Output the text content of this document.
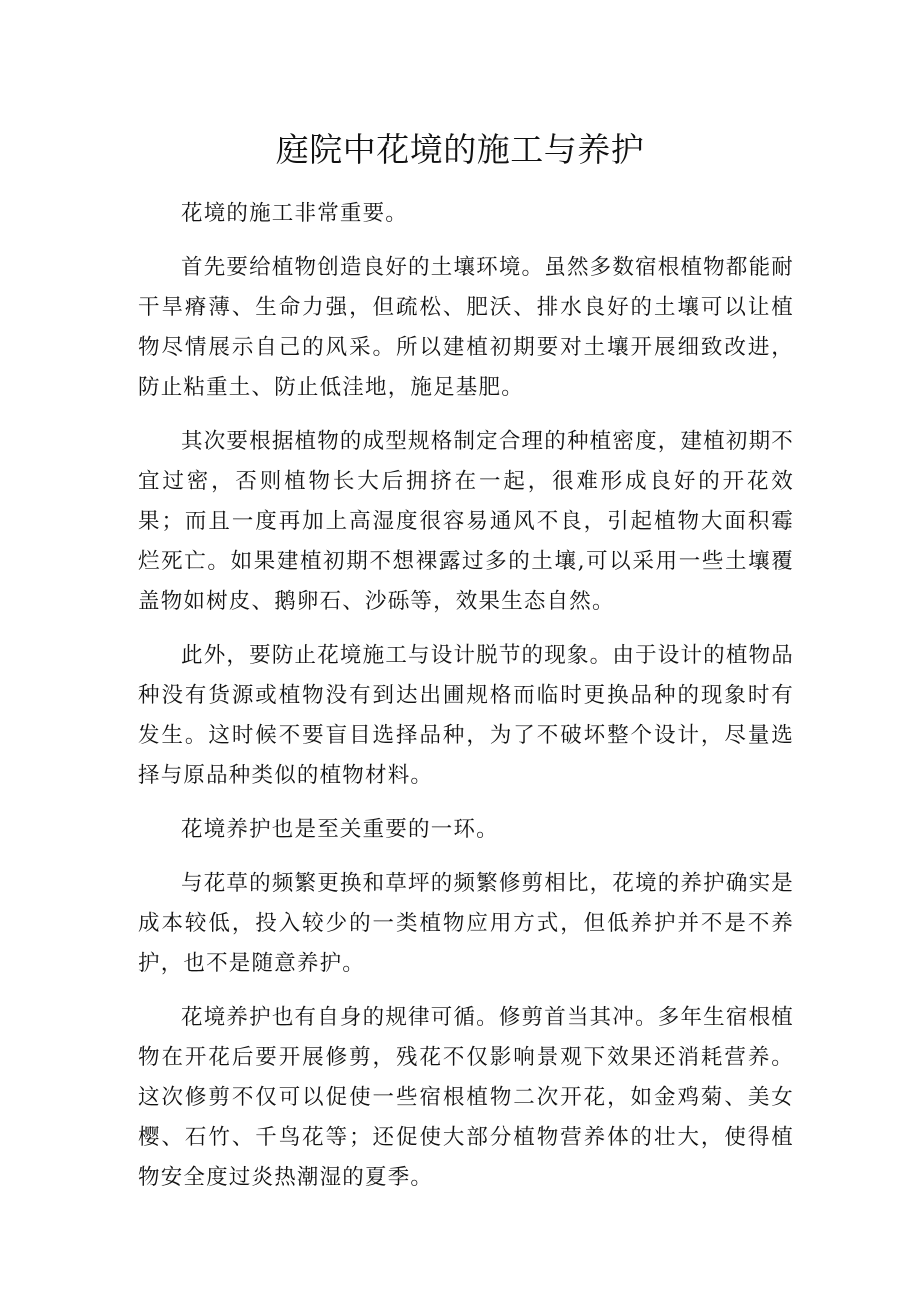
庭院中花境的施工与养护

花境的施工非常重要。

首先要给植物创造良好的土壤环境。虽然多数宿根植物都能耐干旱瘠薄、生命力强，但疏松、肥沃、排水良好的土壤可以让植物尽情展示自己的风采。所以建植初期要对土壤开展细致改进，防止粘重土、防止低洼地，施足基肥。

其次要根据植物的成型规格制定合理的种植密度，建植初期不宜过密，否则植物长大后拥挤在一起，很难形成良好的开花效果；而且一度再加上高湿度很容易通风不良，引起植物大面积霉烂死亡。如果建植初期不想裸露过多的土壤,可以采用一些土壤覆盖物如树皮、鹅卵石、沙砾等，效果生态自然。

此外，要防止花境施工与设计脱节的现象。由于设计的植物品种没有货源或植物没有到达出圃规格而临时更换品种的现象时有发生。这时候不要盲目选择品种，为了不破坏整个设计，尽量选择与原品种类似的植物材料。

花境养护也是至关重要的一环。

与花草的频繁更换和草坪的频繁修剪相比，花境的养护确实是成本较低，投入较少的一类植物应用方式，但低养护并不是不养护，也不是随意养护。

花境养护也有自身的规律可循。修剪首当其冲。多年生宿根植物在开花后要开展修剪，残花不仅影响景观下效果还消耗营养。这次修剪不仅可以促使一些宿根植物二次开花，如金鸡菊、美女樱、石竹、千鸟花等；还促使大部分植物营养体的壮大，使得植物安全度过炎热潮湿的夏季。
